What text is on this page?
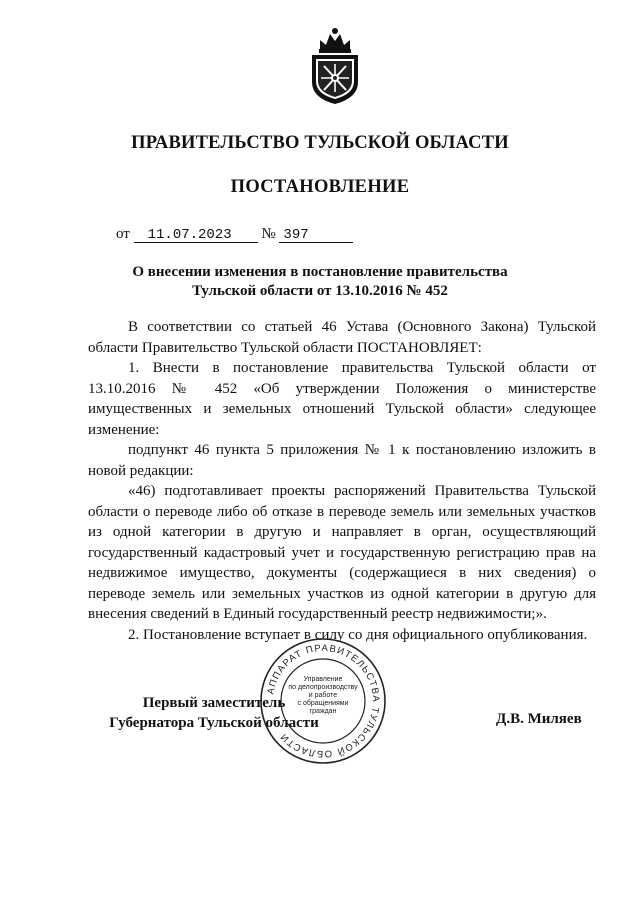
ПРАВИТЕЛЬСТВО ТУЛЬСКОЙ ОБЛАСТИ
ПОСТАНОВЛЕНИЕ
от 11.07.2023 № 397
О внесении изменения в постановление правительства
Тульской области от 13.10.2016 № 452

В соответствии со статьей 46 Устава (Основного Закона) Тульской области Правительство Тульской области ПОСТАНОВЛЯЕТ:

1. Внести в постановление правительства Тульской области от 13.10.2016 № 452 «Об утверждении Положения о министерстве имущественных и земельных отношений Тульской области» следующее изменение:

подпункт 46 пункта 5 приложения № 1 к постановлению изложить в новой редакции:

«46) подготавливает проекты распоряжений Правительства Тульской области о переводе либо об отказе в переводе земель или земельных участков из одной категории в другую и направляет в орган, осуществляющий государственный кадастровый учет и государственную регистрацию прав на недвижимое имущество, документы (содержащиеся в них сведения) о переводе земель или земельных участков из одной категории в другую для внесения сведений в Единый государственный реестр недвижимости;».

2. Постановление вступает в силу со дня официального опубликования.

Первый заместитель
Губернатора Тульской области	Д.В. Миляев
АППАРАТ ПРАВИТЕЛЬСТВА ТУЛЬСКОЙ ОБЛАСТИ
Управление
по делопроизводству
и работе
с обращениями
граждан
